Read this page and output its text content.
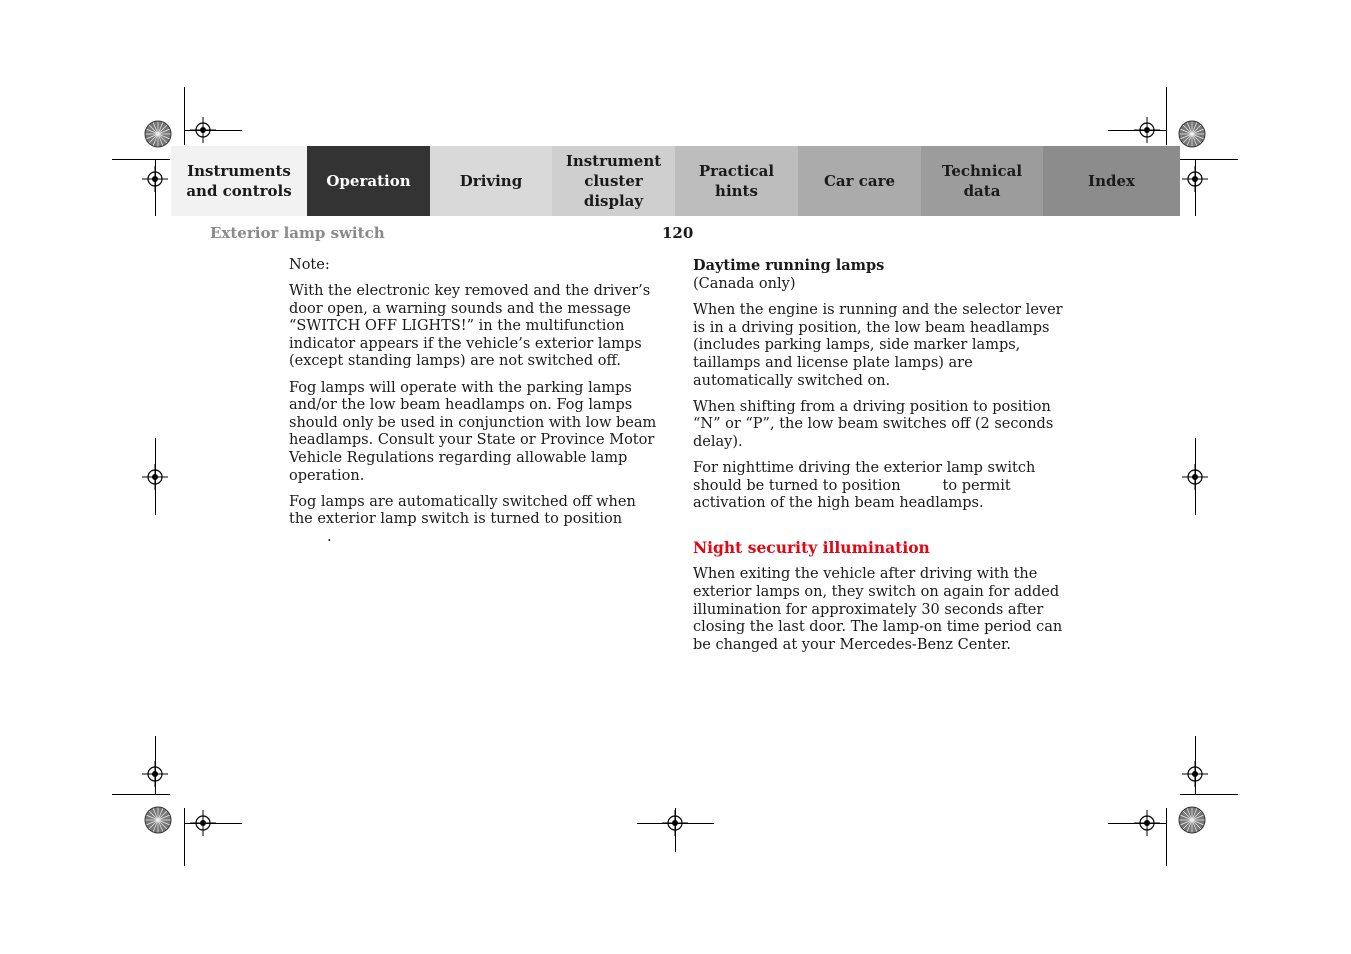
Instruments
and controls
Operation	Driving
Instrument
cluster display
Practical hints
Car care
Technical
data
Index
Exterior lamp switch	120

Note:

With the electronic key removed and the driver’s door open, a warning sounds and the message “SWITCH OFF LIGHTS!” in the multifunction indicator appears if the vehicle’s exterior lamps (except standing lamps) are not switched off.

Fog lamps will operate with the parking lamps and/or the low beam headlamps on. Fog lamps should only be used in conjunction with low beam headlamps. Consult your State or Province Motor Vehicle Regulations regarding allowable lamp operation.

Fog lamps are automatically switched off when the exterior lamp switch is turned to position.

Daytime running lamps
(Canada only)

When the engine is running and the selector lever is in a driving position, the low beam headlamps (includes parking lamps, side marker lamps, taillamps and license plate lamps) are automatically switched on.

When shifting from a driving position to position “N” or “P”, the low beam switches off (2 seconds delay).

For nighttime driving the exterior lamp switch should be turned to position	to permit activation of the high beam headlamps.

Night security illumination

When exiting the vehicle after driving with the exterior lamps on, they switch on again for added illumination for approximately 30 seconds after closing the last door. The lamp-on time period can be changed at your Mercedes-Benz Center.
